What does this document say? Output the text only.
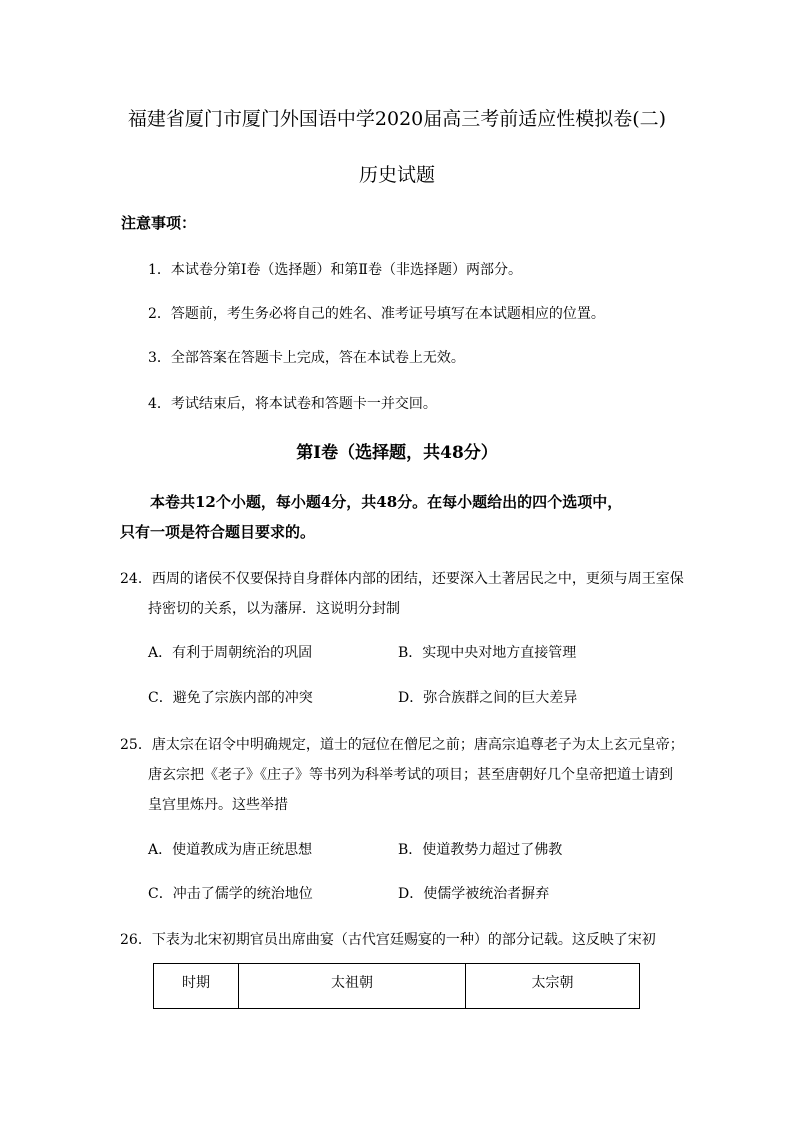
福建省厦门市厦门外国语中学2020届高三考前适应性模拟卷(二)
历史试题
注意事项：
1．本试卷分第Ⅰ卷（选择题）和第Ⅱ卷（非选择题）两部分。
2．答题前，考生务必将自己的姓名、准考证号填写在本试题相应的位置。
3．全部答案在答题卡上完成，答在本试卷上无效。
4．考试结束后，将本试卷和答题卡一并交回。
第Ⅰ卷（选择题，共48分）
本卷共12个小题，每小题4分，共48分。在每小题给出的四个选项中，
只有一项是符合题目要求的。
24．西周的诸侯不仅要保持自身群体内部的团结，还要深入土著居民之中，更须与周王室保
持密切的关系，以为藩屏．这说明分封制
A．有利于周朝统治的巩固	B．实现中央对地方直接管理
C．避免了宗族内部的冲突	D．弥合族群之间的巨大差异
25．唐太宗在诏令中明确规定，道士的冠位在僧尼之前；唐高宗追尊老子为太上玄元皇帝；
唐玄宗把《老子》《庄子》等书列为科举考试的项目；甚至唐朝好几个皇帝把道士请到
皇宫里炼丹。这些举措
A．使道教成为唐正统思想	B．使道教势力超过了佛教
C．冲击了儒学的统治地位	D．使儒学被统治者摒弃
26．下表为北宋初期官员出席曲宴（古代宫廷赐宴的一种）的部分记载。这反映了宋初
时期	太祖朝	太宗朝
